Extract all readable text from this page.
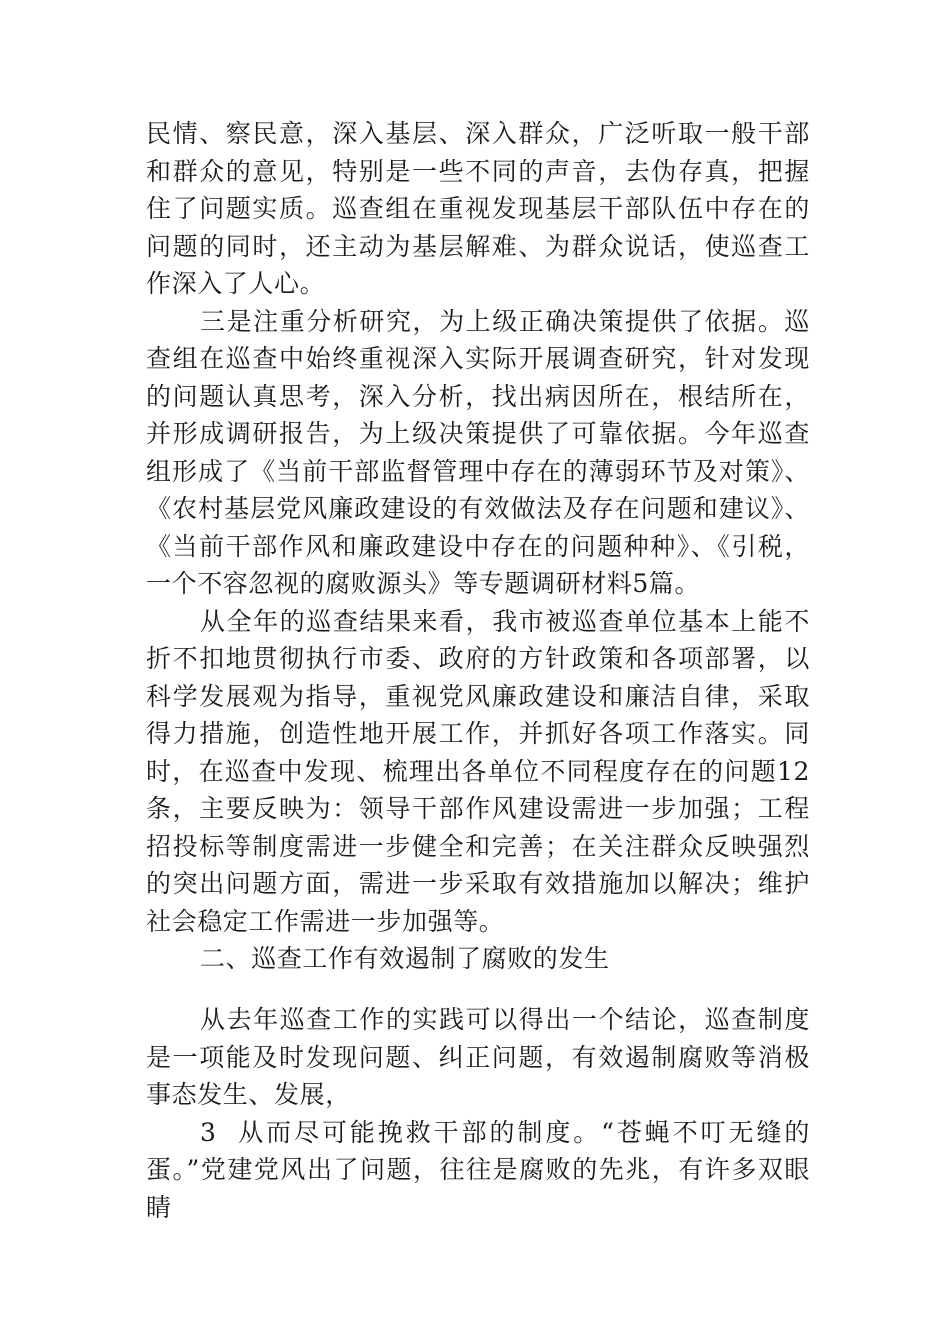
民情、察民意，深入基层、深入群众，广泛听取一般干部和群众的意见，特别是一些不同的声音，去伪存真，把握住了问题实质。巡查组在重视发现基层干部队伍中存在的问题的同时，还主动为基层解难、为群众说话，使巡查工作深入了人心。

三是注重分析研究，为上级正确决策提供了依据。巡查组在巡查中始终重视深入实际开展调查研究，针对发现的问题认真思考，深入分析，找出病因所在，根结所在，并形成调研报告，为上级决策提供了可靠依据。今年巡查组形成了《当前干部监督管理中存在的薄弱环节及对策》、《农村基层党风廉政建设的有效做法及存在问题和建议》、《当前干部作风和廉政建设中存在的问题种种》、《引税，一个不容忽视的腐败源头》等专题调研材料5篇。

从全年的巡查结果来看，我市被巡查单位基本上能不折不扣地贯彻执行市委、政府的方针政策和各项部署，以科学发展观为指导，重视党风廉政建设和廉洁自律，采取得力措施，创造性地开展工作，并抓好各项工作落实。同时，在巡查中发现、梳理出各单位不同程度存在的问题12条，主要反映为：领导干部作风建设需进一步加强；工程招投标等制度需进一步健全和完善；在关注群众反映强烈的突出问题方面，需进一步采取有效措施加以解决；维护社会稳定工作需进一步加强等。

二、巡查工作有效遏制了腐败的发生

从去年巡查工作的实践可以得出一个结论，巡查制度是一项能及时发现问题、纠正问题，有效遏制腐败等消极事态发生、发展，

3 从而尽可能挽救干部的制度。“苍蝇不叮无缝的蛋。”党建党风出了问题，往往是腐败的先兆，有许多双眼睛
